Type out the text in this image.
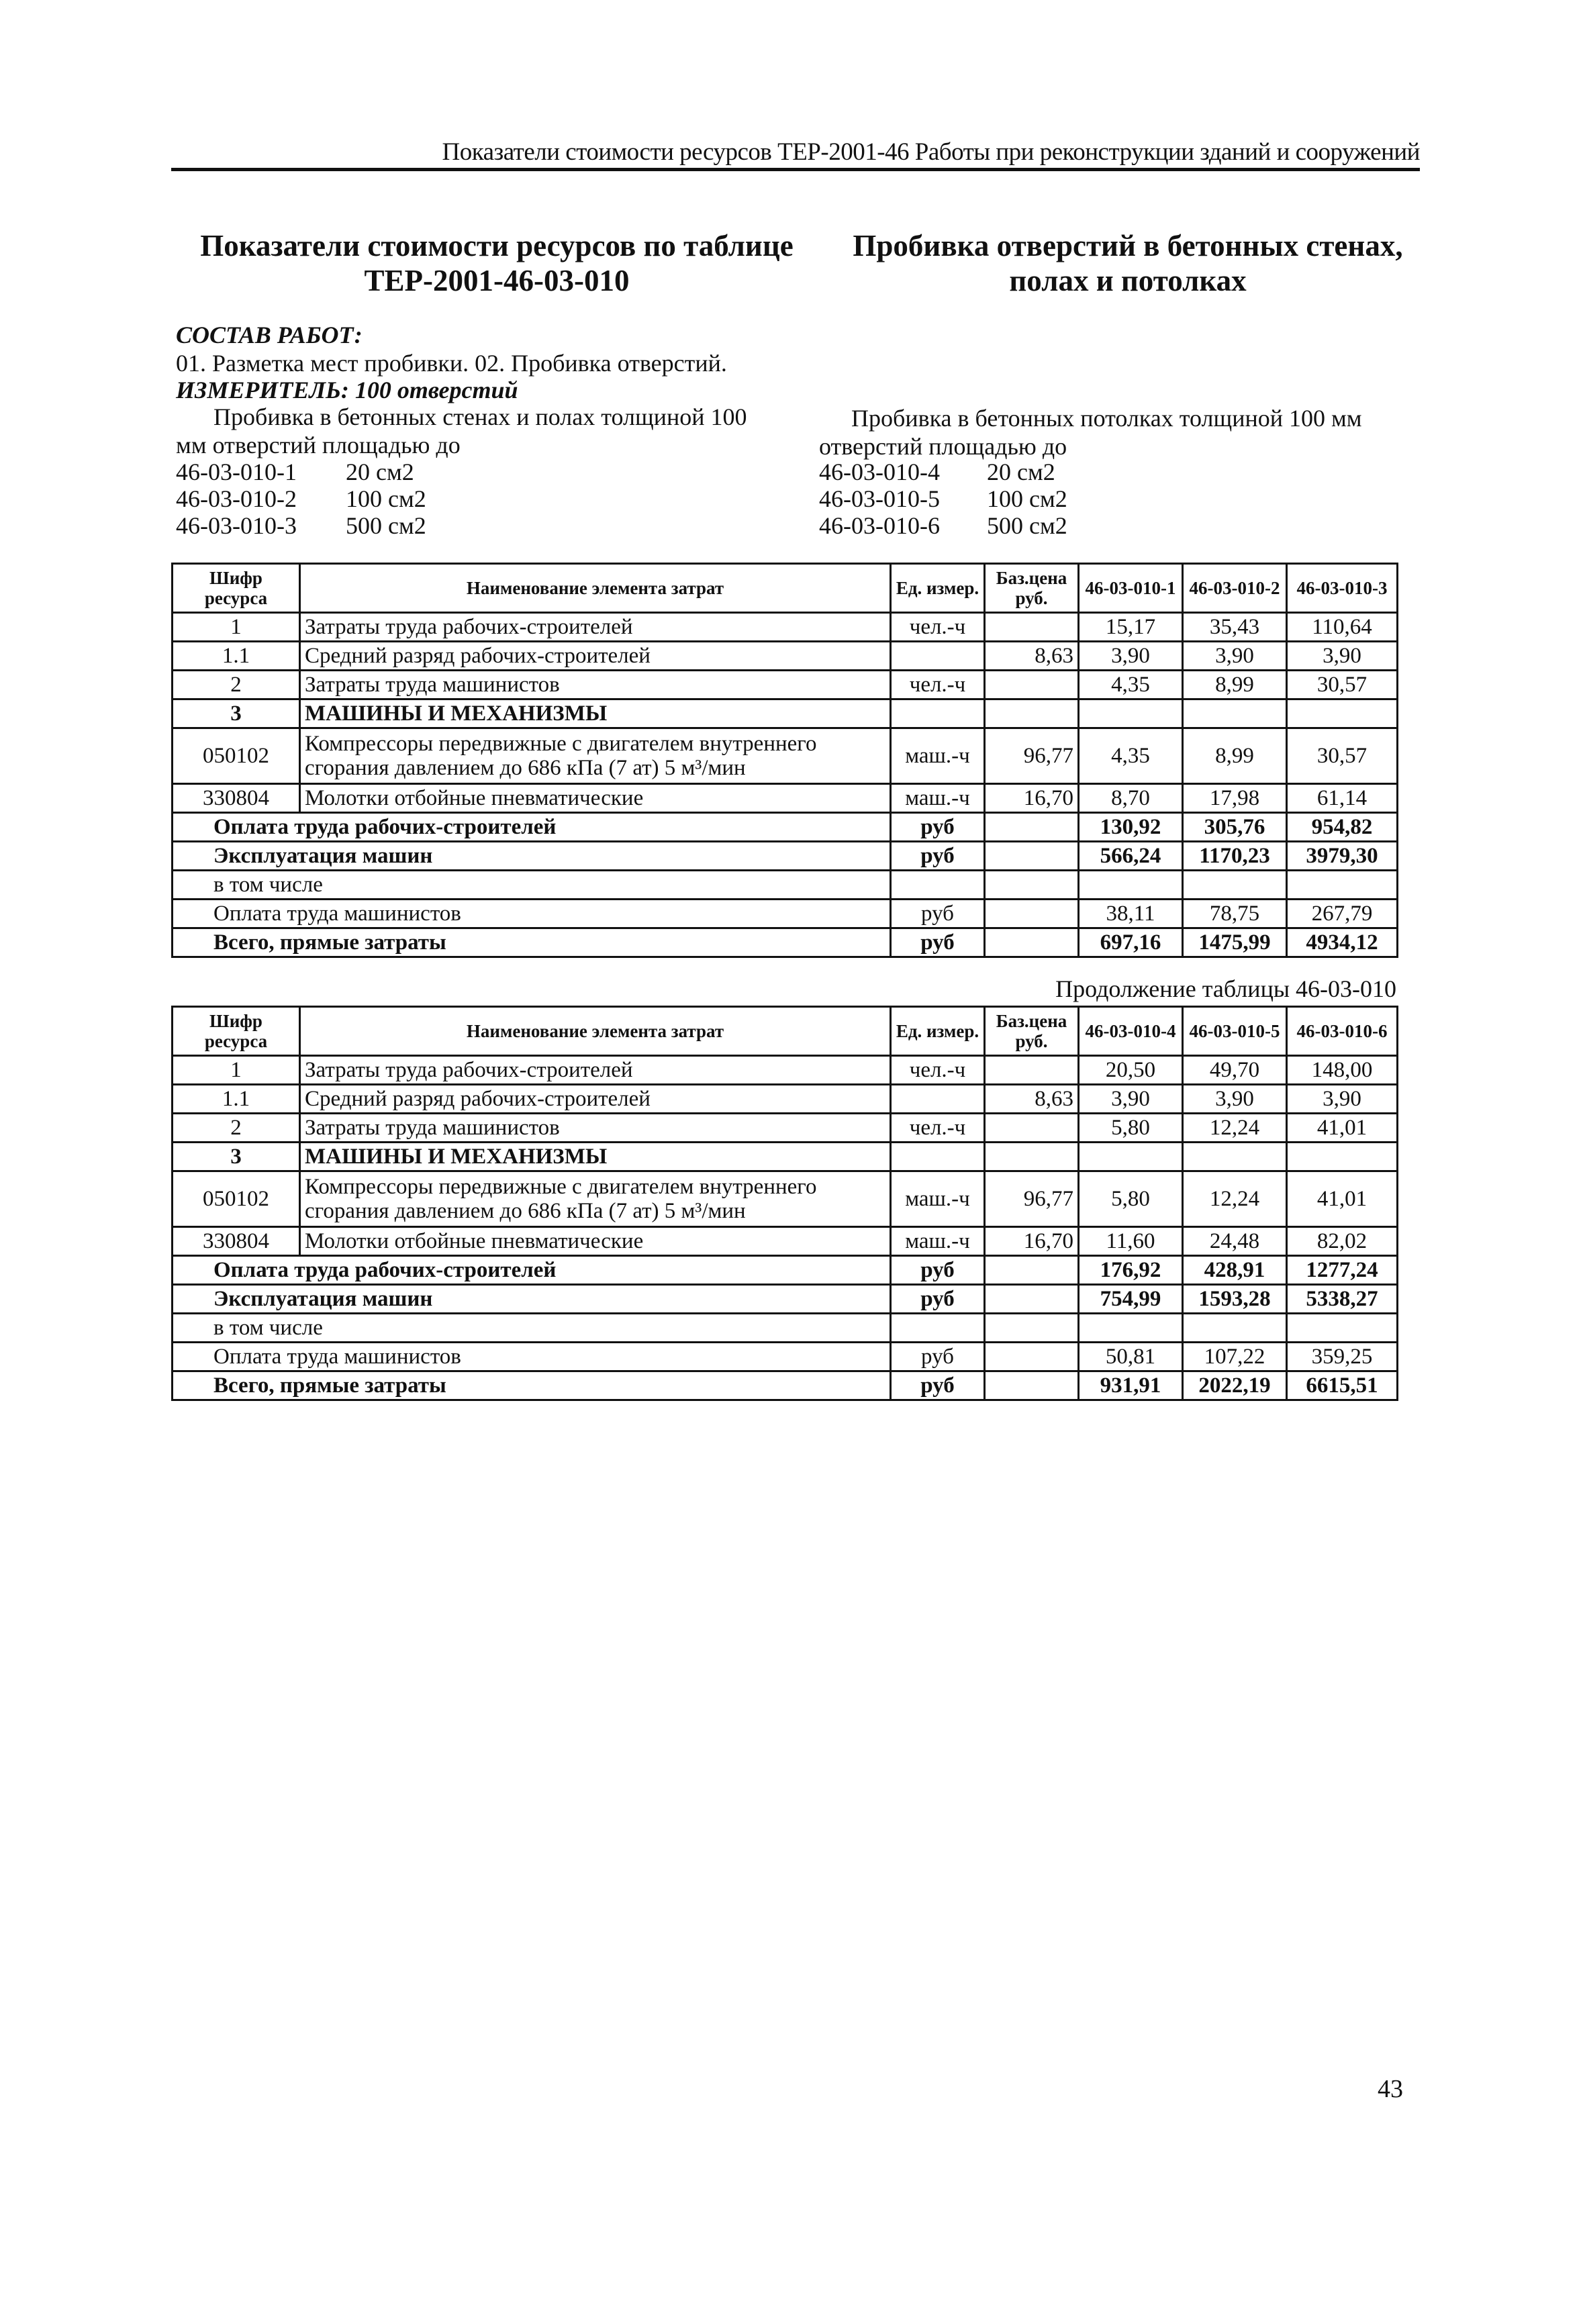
Показатели стоимости ресурсов ТЕР-2001-46 Работы при реконструкции зданий и сооружений
Показатели стоимости ресурсов по таблице ТЕР-2001-46-03-010
Пробивка отверстий в бетонных стенах, полах и потолках
СОСТАВ РАБОТ:
01. Разметка мест пробивки. 02. Пробивка отверстий.
ИЗМЕРИТЕЛЬ: 100 отверстий
Пробивка в бетонных стенах и полах толщиной 100 мм отверстий площадью до
Пробивка в бетонных потолках толщиной 100 мм отверстий площадью до
46-03-010-1 20 см2
46-03-010-2 100 см2
46-03-010-3 500 см2
46-03-010-4 20 см2
46-03-010-5 100 см2
46-03-010-6 500 см2
Шифр ресурса	Наименование элемента затрат	Ед. измер.	Баз.цена руб.	46-03-010-1	46-03-010-2	46-03-010-3
1	Затраты труда рабочих-строителей	чел.-ч		15,17	35,43	110,64
1.1	Средний разряд рабочих-строителей		8,63	3,90	3,90	3,90
2	Затраты труда машинистов	чел.-ч		4,35	8,99	30,57
3	МАШИНЫ И МЕХАНИЗМЫ					
050102	Компрессоры передвижные с двигателем внутреннего сгорания давлением до 686 кПа (7 ат) 5 м³/мин	маш.-ч	96,77	4,35	8,99	30,57
330804	Молотки отбойные пневматические	маш.-ч	16,70	8,70	17,98	61,14
Оплата труда рабочих-строителей		руб		130,92	305,76	954,82
Эксплуатация машин		руб		566,24	1170,23	3979,30
в том числе						
Оплата труда машинистов		руб		38,11	78,75	267,79
Всего, прямые затраты		руб		697,16	1475,99	4934,12
Продолжение таблицы 46-03-010
Шифр ресурса	Наименование элемента затрат	Ед. измер.	Баз.цена руб.	46-03-010-4	46-03-010-5	46-03-010-6
1	Затраты труда рабочих-строителей	чел.-ч		20,50	49,70	148,00
1.1	Средний разряд рабочих-строителей		8,63	3,90	3,90	3,90
2	Затраты труда машинистов	чел.-ч		5,80	12,24	41,01
3	МАШИНЫ И МЕХАНИЗМЫ					
050102	Компрессоры передвижные с двигателем внутреннего сгорания давлением до 686 кПа (7 ат) 5 м³/мин	маш.-ч	96,77	5,80	12,24	41,01
330804	Молотки отбойные пневматические	маш.-ч	16,70	11,60	24,48	82,02
Оплата труда рабочих-строителей		руб		176,92	428,91	1277,24
Эксплуатация машин		руб		754,99	1593,28	5338,27
в том числе						
Оплата труда машинистов		руб		50,81	107,22	359,25
Всего, прямые затраты		руб		931,91	2022,19	6615,51
43
